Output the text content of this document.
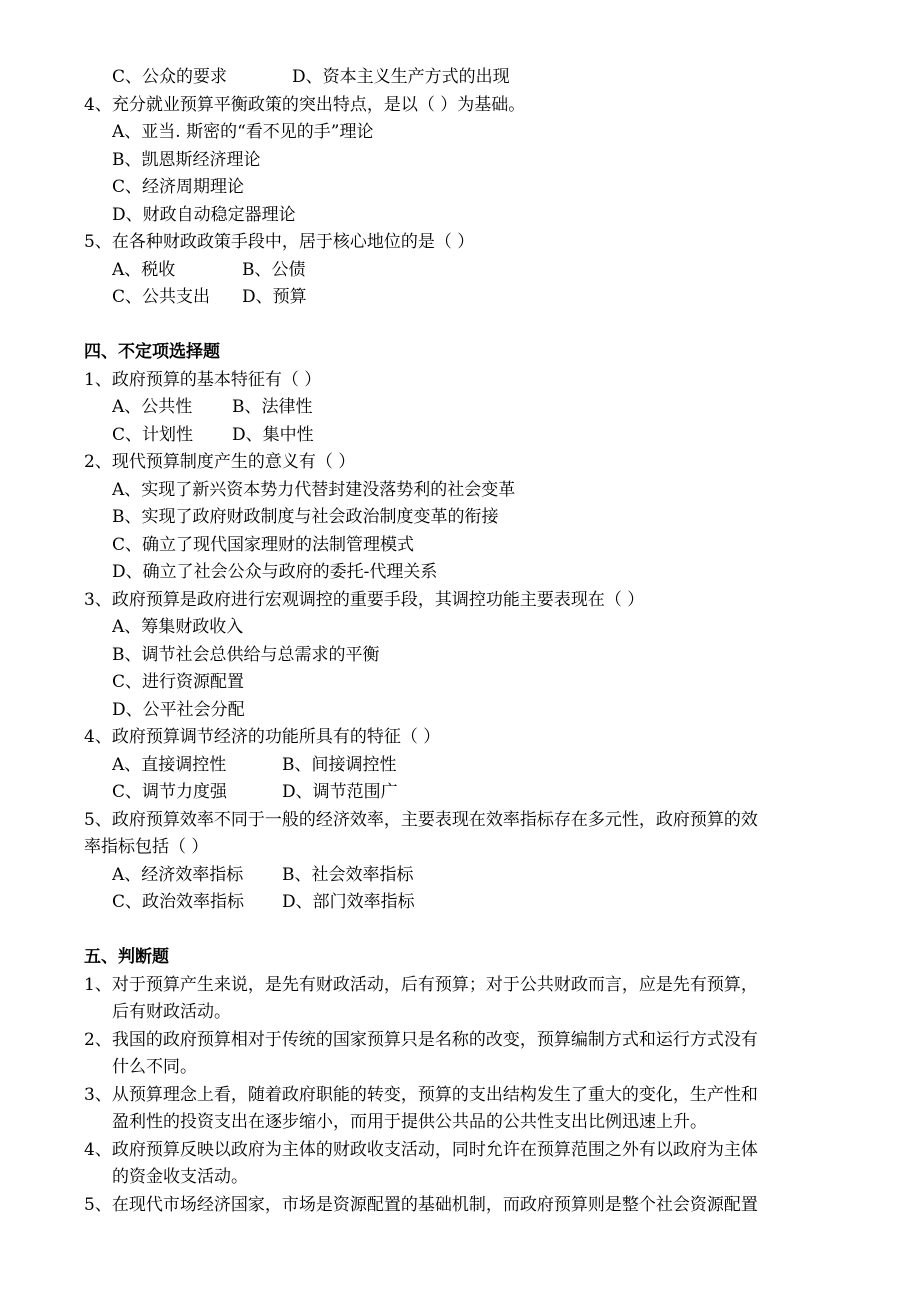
C、公众的要求	D、资本主义生产方式的出现
4、充分就业预算平衡政策的突出特点，是以（ ）为基础。
A、亚当. 斯密的“看不见的手”理论
B、凯恩斯经济理论
C、经济周期理论
D、财政自动稳定器理论
5、在各种财政政策手段中，居于核心地位的是（ ）
A、税收	B、公债
C、公共支出 D、预算
四、不定项选择题
1、政府预算的基本特征有（ ）
A、公共性 B、法律性
C、计划性 D、集中性
2、现代预算制度产生的意义有（ ）
A、实现了新兴资本势力代替封建没落势利的社会变革
B、实现了政府财政制度与社会政治制度变革的衔接
C、确立了现代国家理财的法制管理模式
D、确立了社会公众与政府的委托-代理关系
3、政府预算是政府进行宏观调控的重要手段，其调控功能主要表现在（ ）
A、筹集财政收入
B、调节社会总供给与总需求的平衡
C、进行资源配置
D、公平社会分配
4、政府预算调节经济的功能所具有的特征（ ）
A、直接调控性	B、间接调控性
C、调节力度强	D、调节范围广
5、政府预算效率不同于一般的经济效率，主要表现在效率指标存在多元性，政府预算的效
率指标包括（ ）
A、经济效率指标 B、社会效率指标
C、政治效率指标 D、部门效率指标
五、判断题
1、对于预算产生来说，是先有财政活动，后有预算；对于公共财政而言，应是先有预算，
后有财政活动。
2、我国的政府预算相对于传统的国家预算只是名称的改变，预算编制方式和运行方式没有
什么不同。
3、从预算理念上看，随着政府职能的转变，预算的支出结构发生了重大的变化，生产性和
盈利性的投资支出在逐步缩小，而用于提供公共品的公共性支出比例迅速上升。
4、政府预算反映以政府为主体的财政收支活动，同时允许在预算范围之外有以政府为主体
的资金收支活动。
5、在现代市场经济国家，市场是资源配置的基础机制，而政府预算则是整个社会资源配置
